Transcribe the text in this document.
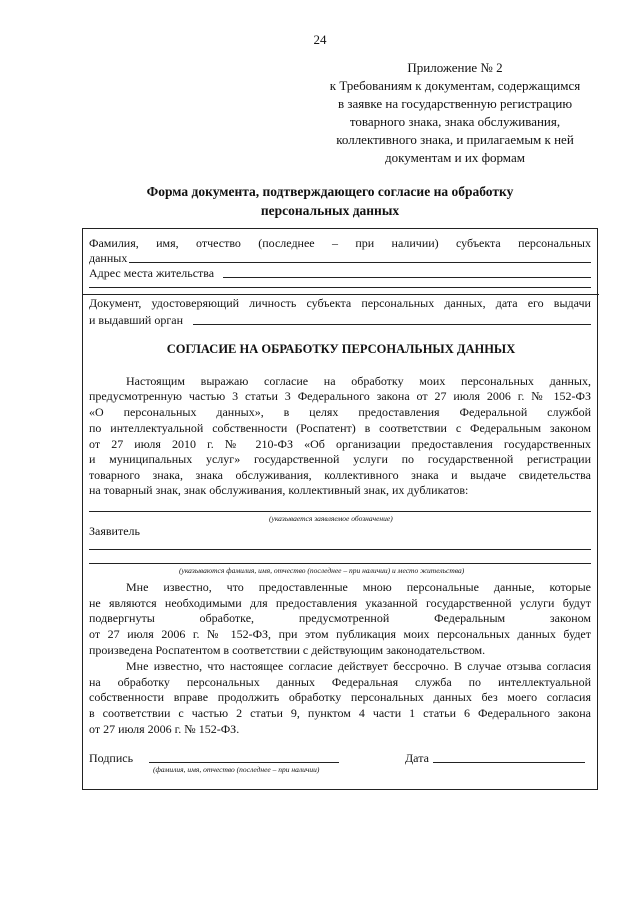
24
Приложение № 2
к Требованиям к документам, содержащимся
в заявке на государственную регистрацию
товарного знака, знака обслуживания,
коллективного знака, и прилагаемым к ней
документам и их формам
Форма документа, подтверждающего согласие на обработку
персональных данных
Фамилия, имя, отчество (последнее – при наличии) субъекта персональных
данных
Адрес места жительства
Документ, удостоверяющий личность субъекта персональных данных, дата его выдачи
и выдавший орган
СОГЛАСИЕ НА ОБРАБОТКУ ПЕРСОНАЛЬНЫХ ДАННЫХ
Настоящим выражаю согласие на обработку моих персональных данных,
предусмотренную частью 3 статьи 3 Федерального закона от 27 июля 2006 г. № 152-ФЗ
«О персональных данных», в целях предоставления Федеральной службой
по интеллектуальной собственности (Роспатент) в соответствии с Федеральным законом
от 27 июля 2010 г. № 210-ФЗ «Об организации предоставления государственных
и муниципальных услуг» государственной услуги по государственной регистрации
товарного знака, знака обслуживания, коллективного знака и выдаче свидетельства
на товарный знак, знак обслуживания, коллективный знак, их дубликатов:
(указывается заявляемое обозначение)
Заявитель
(указываются фамилия, имя, отчество (последнее – при наличии) и место жительства)
Мне известно, что предоставленные мною персональные данные, которые
не являются необходимыми для предоставления указанной государственной услуги будут
подвергнуты обработке, предусмотренной Федеральным законом
от 27 июля 2006 г. № 152-ФЗ, при этом публикация моих персональных данных будет
произведена Роспатентом в соответствии с действующим законодательством.
Мне известно, что настоящее согласие действует бессрочно. В случае отзыва согласия
на обработку персональных данных Федеральная служба по интеллектуальной
собственности вправе продолжить обработку персональных данных без моего согласия
в соответствии с частью 2 статьи 9, пунктом 4 части 1 статьи 6 Федерального закона
от 27 июля 2006 г. № 152-ФЗ.
Подпись
(фамилия, имя, отчество (последнее – при наличии)
Дата
